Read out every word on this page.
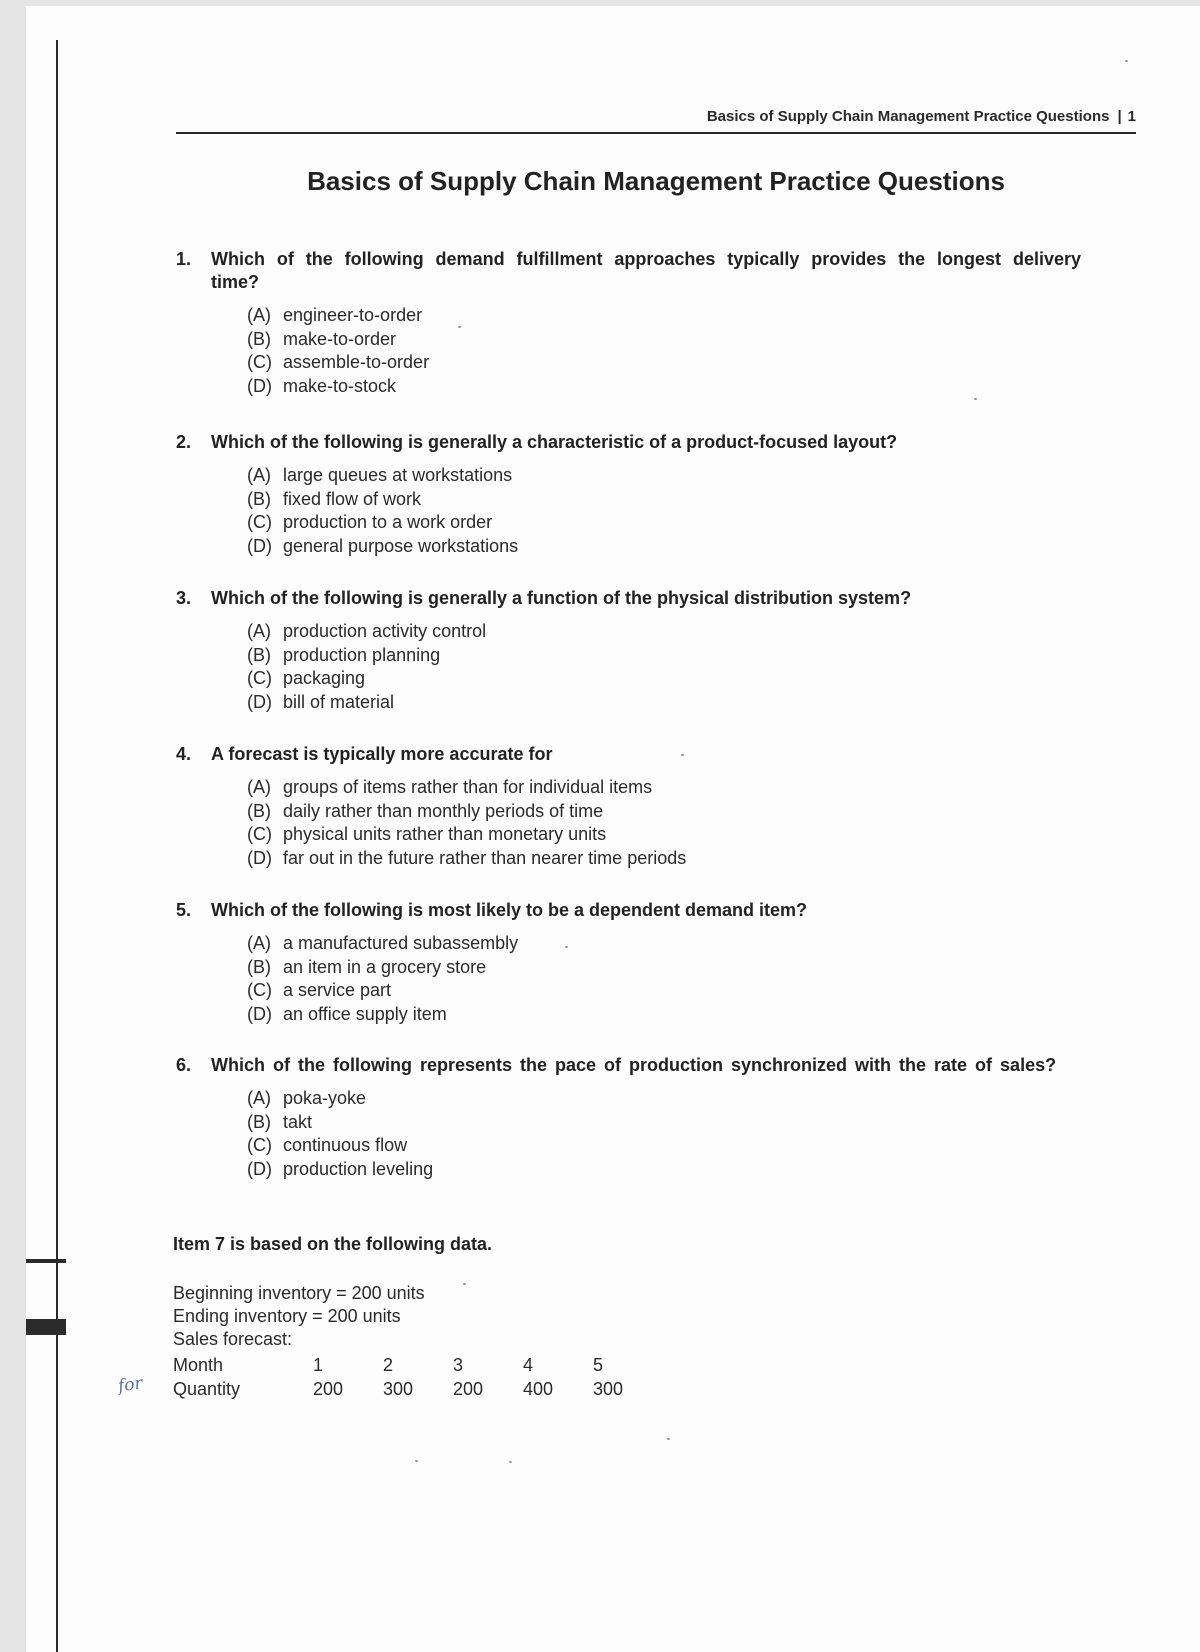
Basics of Supply Chain Management Practice Questions | 1
Basics of Supply Chain Management Practice Questions
1.	Which of the following demand fulfillment approaches typically provides the longest delivery time?
(A) engineer-to-order
(B) make-to-order
(C) assemble-to-order
(D) make-to-stock
2.	Which of the following is generally a characteristic of a product-focused layout?
(A) large queues at workstations
(B) fixed flow of work
(C) production to a work order
(D) general purpose workstations
3.	Which of the following is generally a function of the physical distribution system?
(A) production activity control
(B) production planning
(C) packaging
(D) bill of material
4.	A forecast is typically more accurate for
(A) groups of items rather than for individual items
(B) daily rather than monthly periods of time
(C) physical units rather than monetary units
(D) far out in the future rather than nearer time periods
5.	Which of the following is most likely to be a dependent demand item?
(A) a manufactured subassembly
(B) an item in a grocery store
(C) a service part
(D) an office supply item
6.	Which of the following represents the pace of production synchronized with the rate of sales?
(A) poka-yoke
(B) takt
(C) continuous flow
(D) production leveling
Item 7 is based on the following data.
Beginning inventory = 200 units
Ending inventory = 200 units
Sales forecast:
Month	1	2	3	4	5
Quantity	200	300	200	400	300
for
